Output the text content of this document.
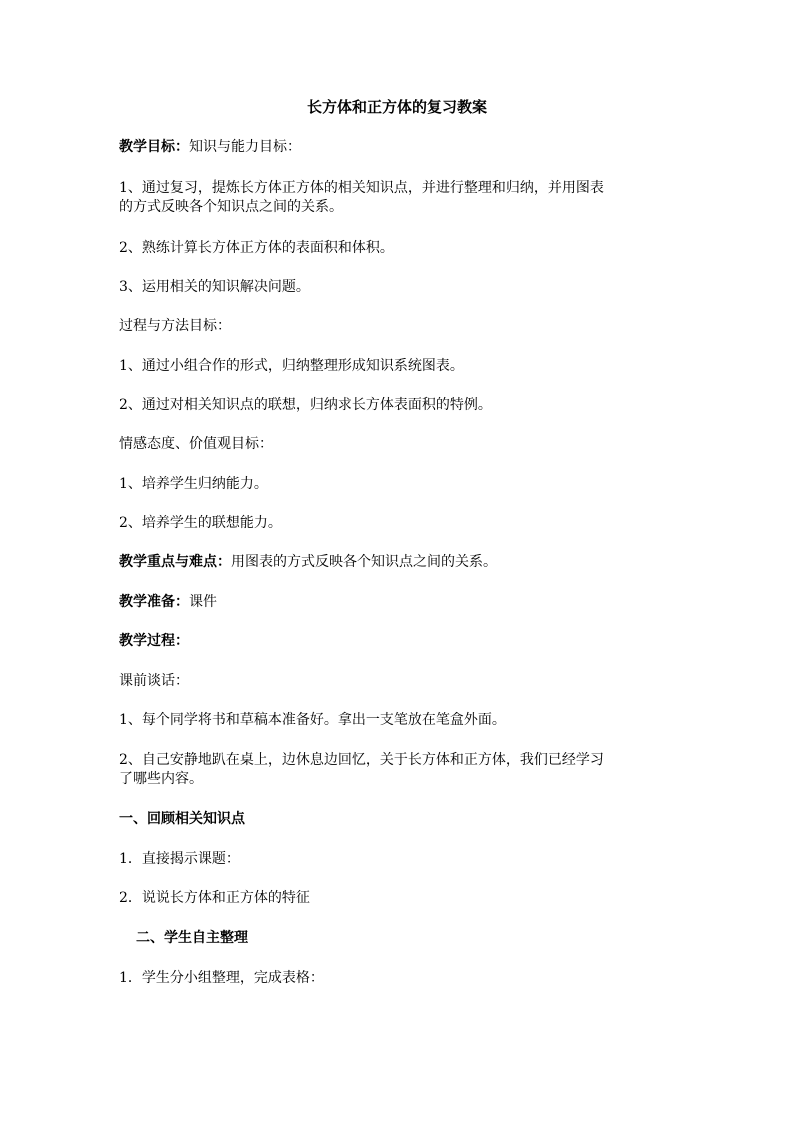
长方体和正方体的复习教案
教学目标：知识与能力目标：
1、通过复习，提炼长方体正方体的相关知识点，并进行整理和归纳，并用图表
的方式反映各个知识点之间的关系。
2、熟练计算长方体正方体的表面积和体积。
3、运用相关的知识解决问题。
过程与方法目标：
1、通过小组合作的形式，归纳整理形成知识系统图表。
2、通过对相关知识点的联想，归纳求长方体表面积的特例。
情感态度、价值观目标：
1、培养学生归纳能力。
2、培养学生的联想能力。
教学重点与难点：用图表的方式反映各个知识点之间的关系。
教学准备：课件
教学过程：
课前谈话：
1、每个同学将书和草稿本准备好。拿出一支笔放在笔盒外面。
2、自己安静地趴在桌上，边休息边回忆，关于长方体和正方体，我们已经学习
了哪些内容。
一、回顾相关知识点
1．直接揭示课题：
2．说说长方体和正方体的特征
二、学生自主整理
1．学生分小组整理，完成表格：
